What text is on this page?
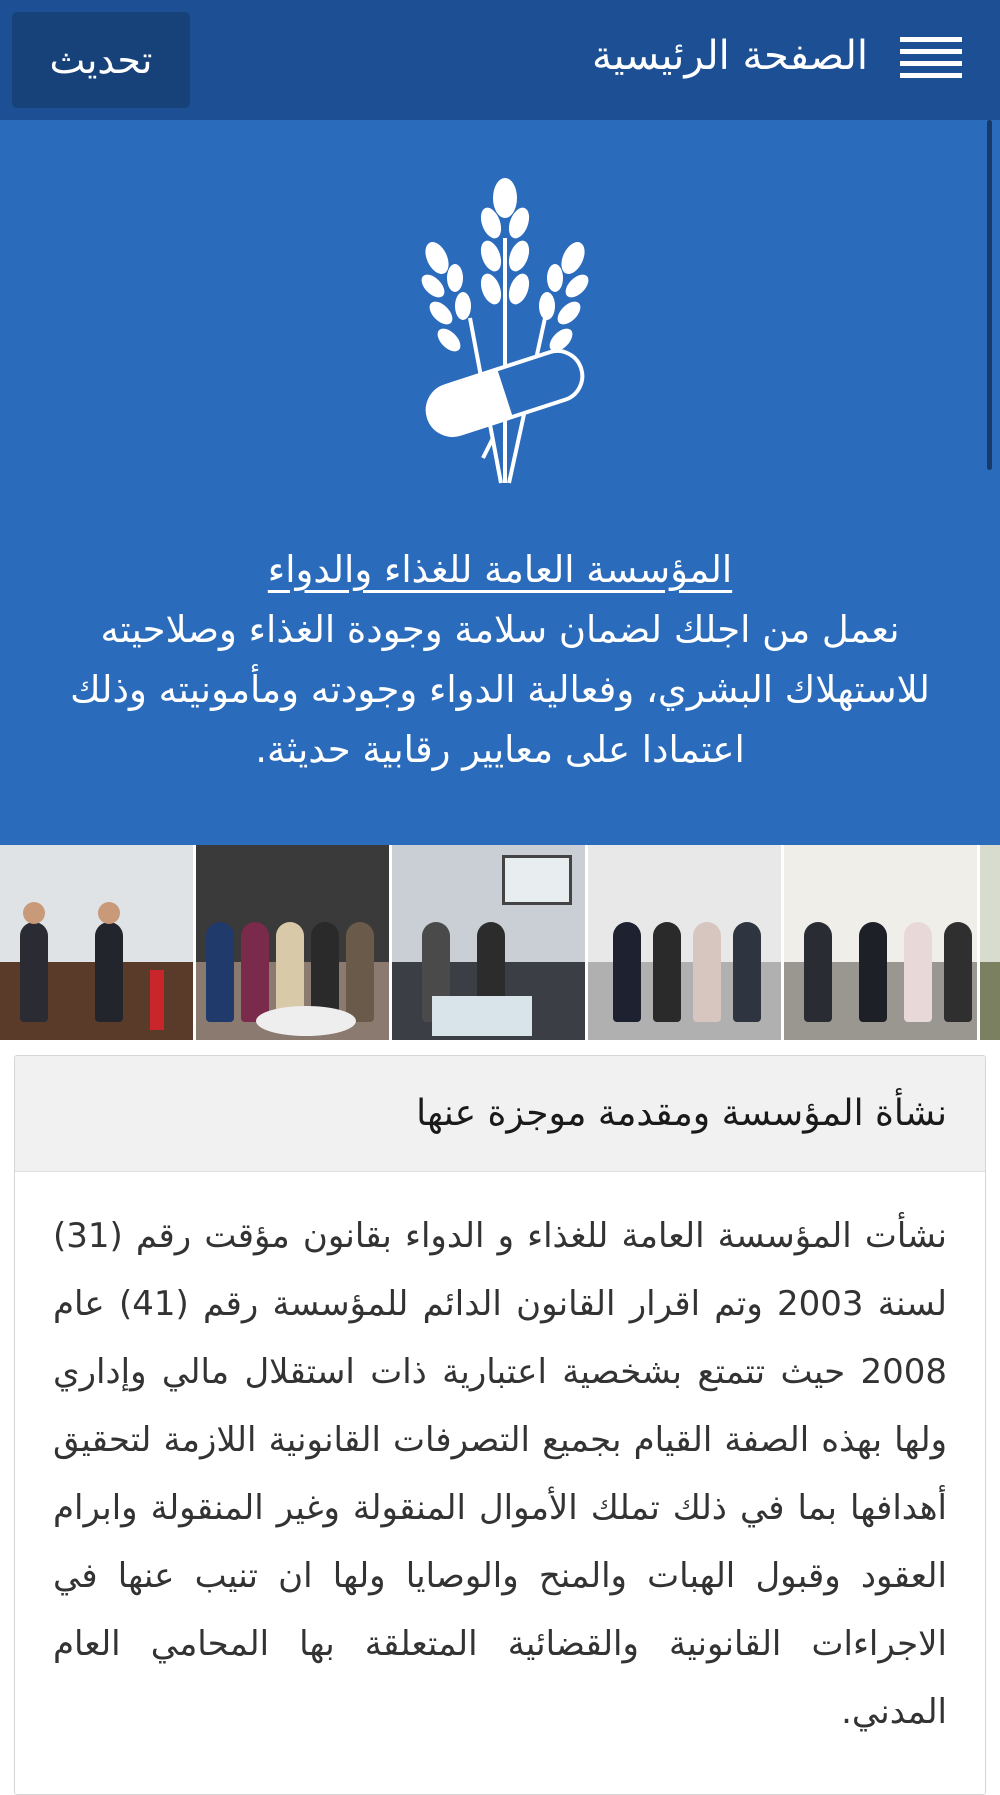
الصفحة الرئيسية
تحديث
المؤسسة العامة للغذاء والدواء
نعمل من اجلك لضمان سلامة وجودة الغذاء وصلاحيته للاستهلاك البشري، وفعالية الدواء وجودته ومأمونيته وذلك اعتمادا على معايير رقابية حديثة.
نشأة المؤسسة ومقدمة موجزة عنها
نشأت المؤسسة العامة للغذاء و الدواء بقانون مؤقت رقم (31) لسنة 2003 وتم اقرار القانون الدائم للمؤسسة رقم (41) عام 2008 حيث تتمتع بشخصية اعتبارية ذات استقلال مالي وإداري ولها بهذه الصفة القيام بجميع التصرفات القانونية اللازمة لتحقيق أهدافها بما في ذلك تملك الأموال المنقولة وغير المنقولة وابرام العقود وقبول الهبات والمنح والوصايا ولها ان تنيب عنها في الاجراءات القانونية والقضائية المتعلقة بها المحامي العام المدني.
